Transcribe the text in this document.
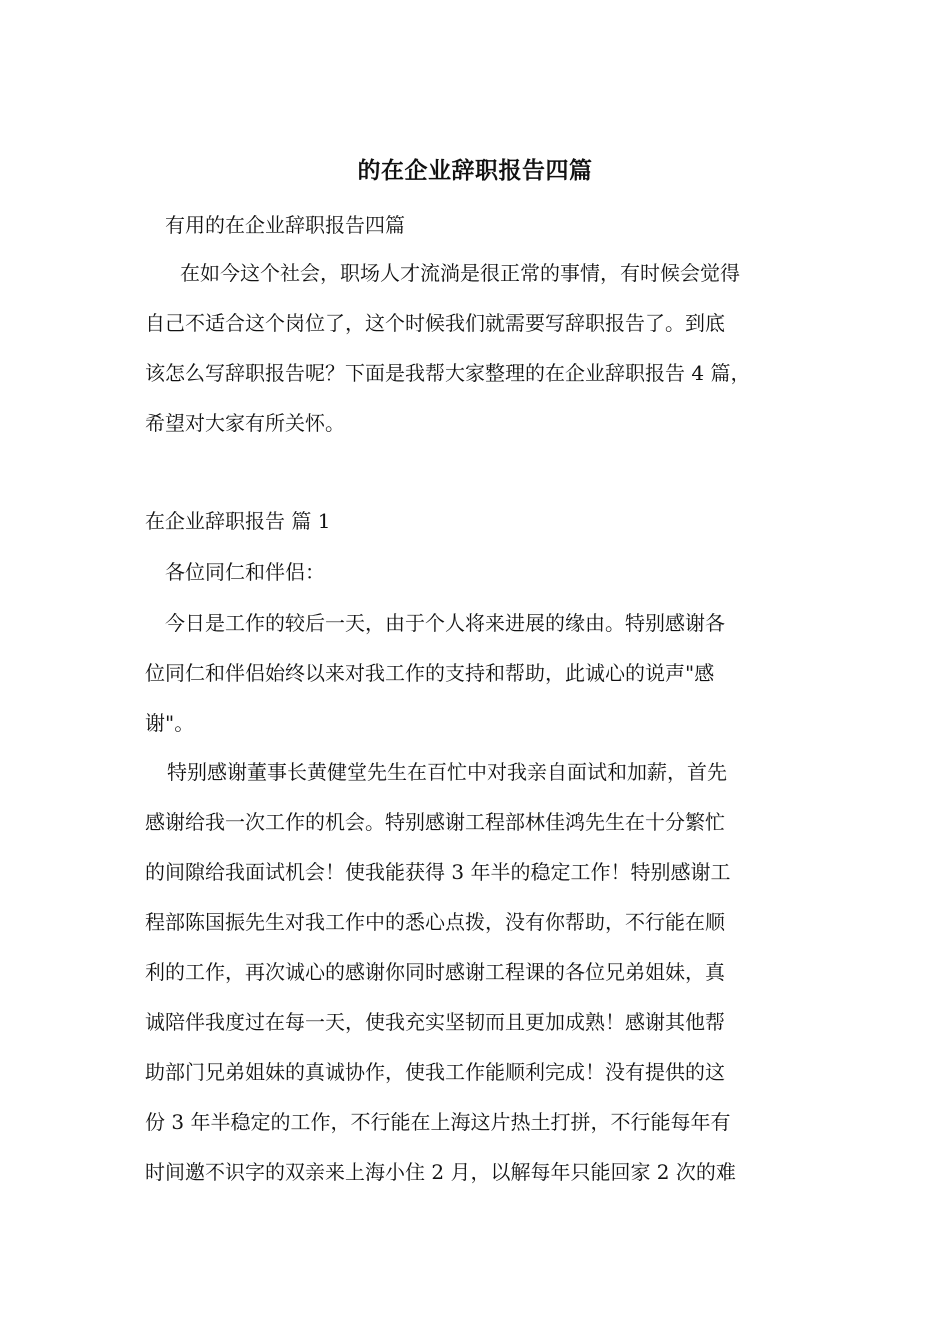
的在企业辞职报告四篇
有用的在企业辞职报告四篇
在如今这个社会，职场人才流淌是很正常的事情，有时候会觉得
自己不适合这个岗位了，这个时候我们就需要写辞职报告了。到底
该怎么写辞职报告呢？下面是我帮大家整理的在企业辞职报告 4 篇，
希望对大家有所关怀。
在企业辞职报告 篇 1
各位同仁和伴侣：
今日是工作的较后一天，由于个人将来进展的缘由。特别感谢各
位同仁和伴侣始终以来对我工作的支持和帮助，此诚心的说声"感
谢"。
特别感谢董事长黄健堂先生在百忙中对我亲自面试和加薪，首先
感谢给我一次工作的机会。特别感谢工程部林佳鸿先生在十分繁忙
的间隙给我面试机会！使我能获得 3 年半的稳定工作！特别感谢工
程部陈国振先生对我工作中的悉心点拨，没有你帮助，不行能在顺
利的工作，再次诚心的感谢你同时感谢工程课的各位兄弟姐妹，真
诚陪伴我度过在每一天，使我充实坚韧而且更加成熟！感谢其他帮
助部门兄弟姐妹的真诚协作，使我工作能顺利完成！没有提供的这
份 3 年半稳定的工作，不行能在上海这片热土打拼，不行能每年有
时间邀不识字的双亲来上海小住 2 月，以解每年只能回家 2 次的难
